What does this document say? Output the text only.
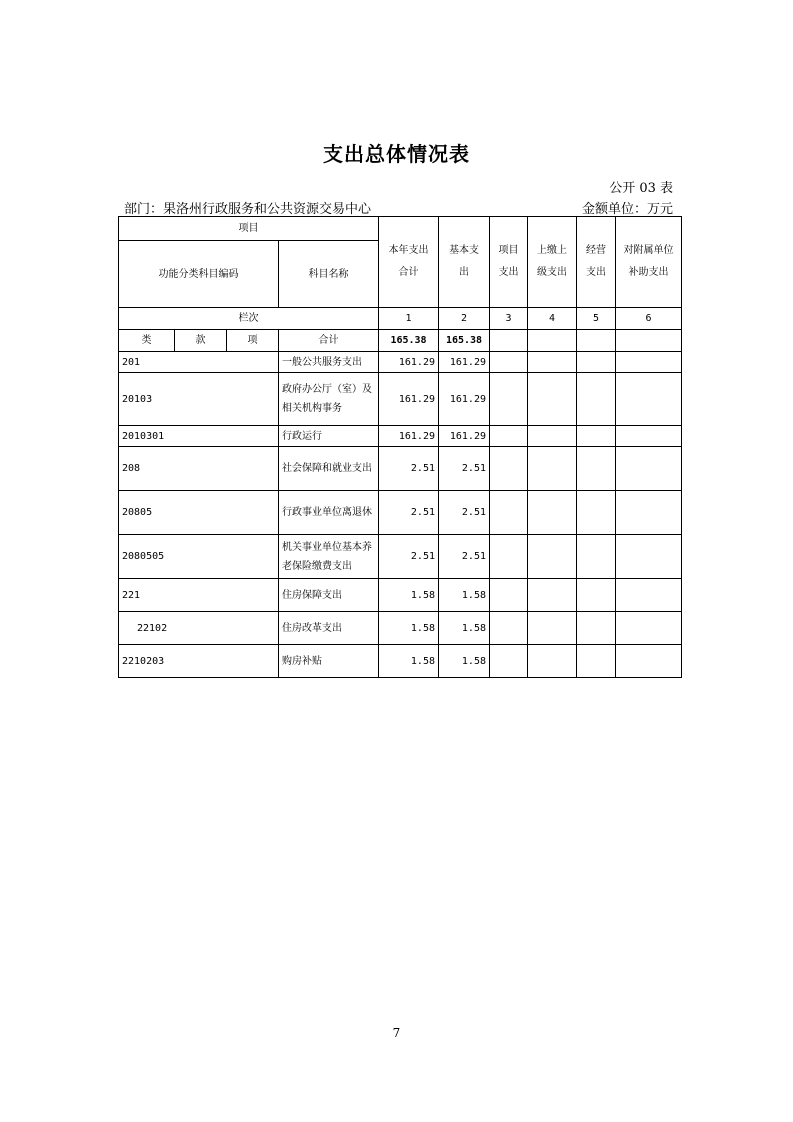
支出总体情况表
公开 03 表
部门：果洛州行政服务和公共资源交易中心	金额单位：万元
项目				本年支出合计	基本支出	项目支出	上缴上级支出	经营支出	对附属单位补助支出
功能分类科目编码			科目名称						
栏次				1	2	3	4	5	6
类	款	项	合计	165.38	165.38				
201			一般公共服务支出	161.29	161.29				
20103			政府办公厅（室）及相关机构事务	161.29	161.29				
2010301			行政运行	161.29	161.29				
208			社会保障和就业支出	2.51	2.51				
20805			行政事业单位离退休	2.51	2.51				
2080505			机关事业单位基本养老保险缴费支出	2.51	2.51				
221			住房保障支出	1.58	1.58				
22102			住房改革支出	1.58	1.58				
2210203			购房补贴	1.58	1.58				
7
